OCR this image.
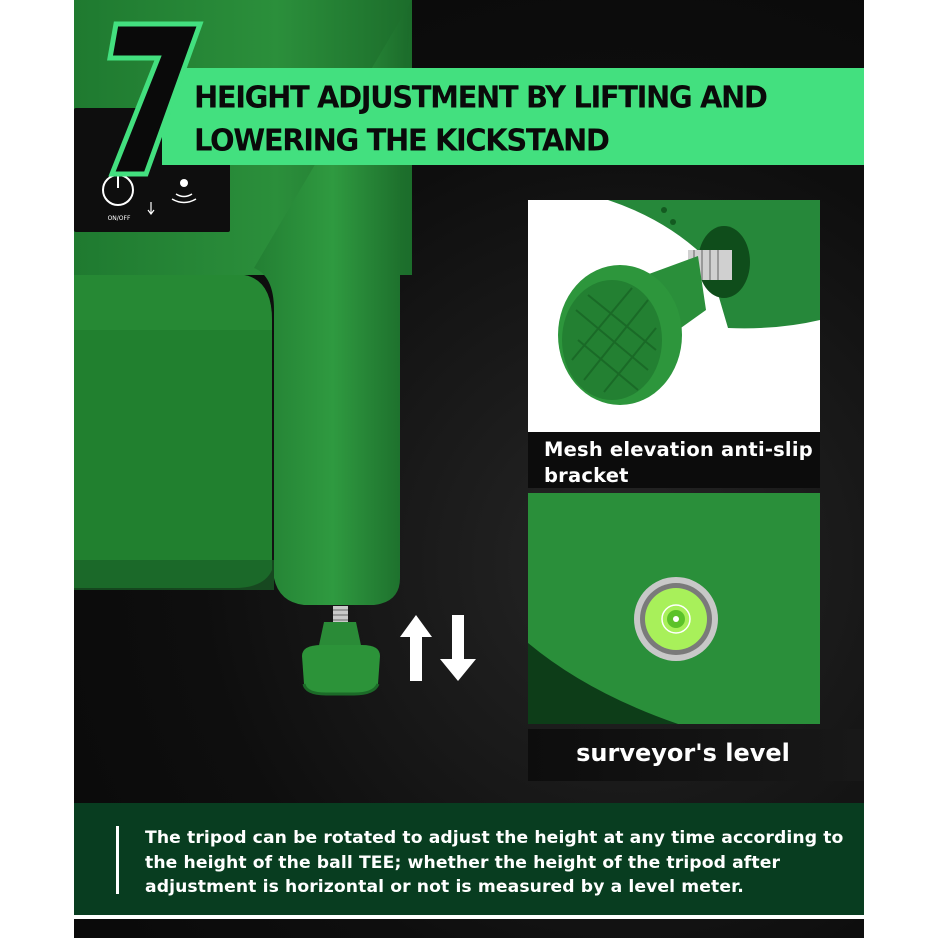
ON/OFF
HEIGHT ADJUSTMENT BY LIFTING AND LOWERING THE KICKSTAND
Mesh elevation anti-slip bracket
surveyor's level
The tripod can be rotated to adjust the height at any time according to the height of the ball TEE; whether the height of the tripod after adjustment is horizontal or not is measured by a level meter.
